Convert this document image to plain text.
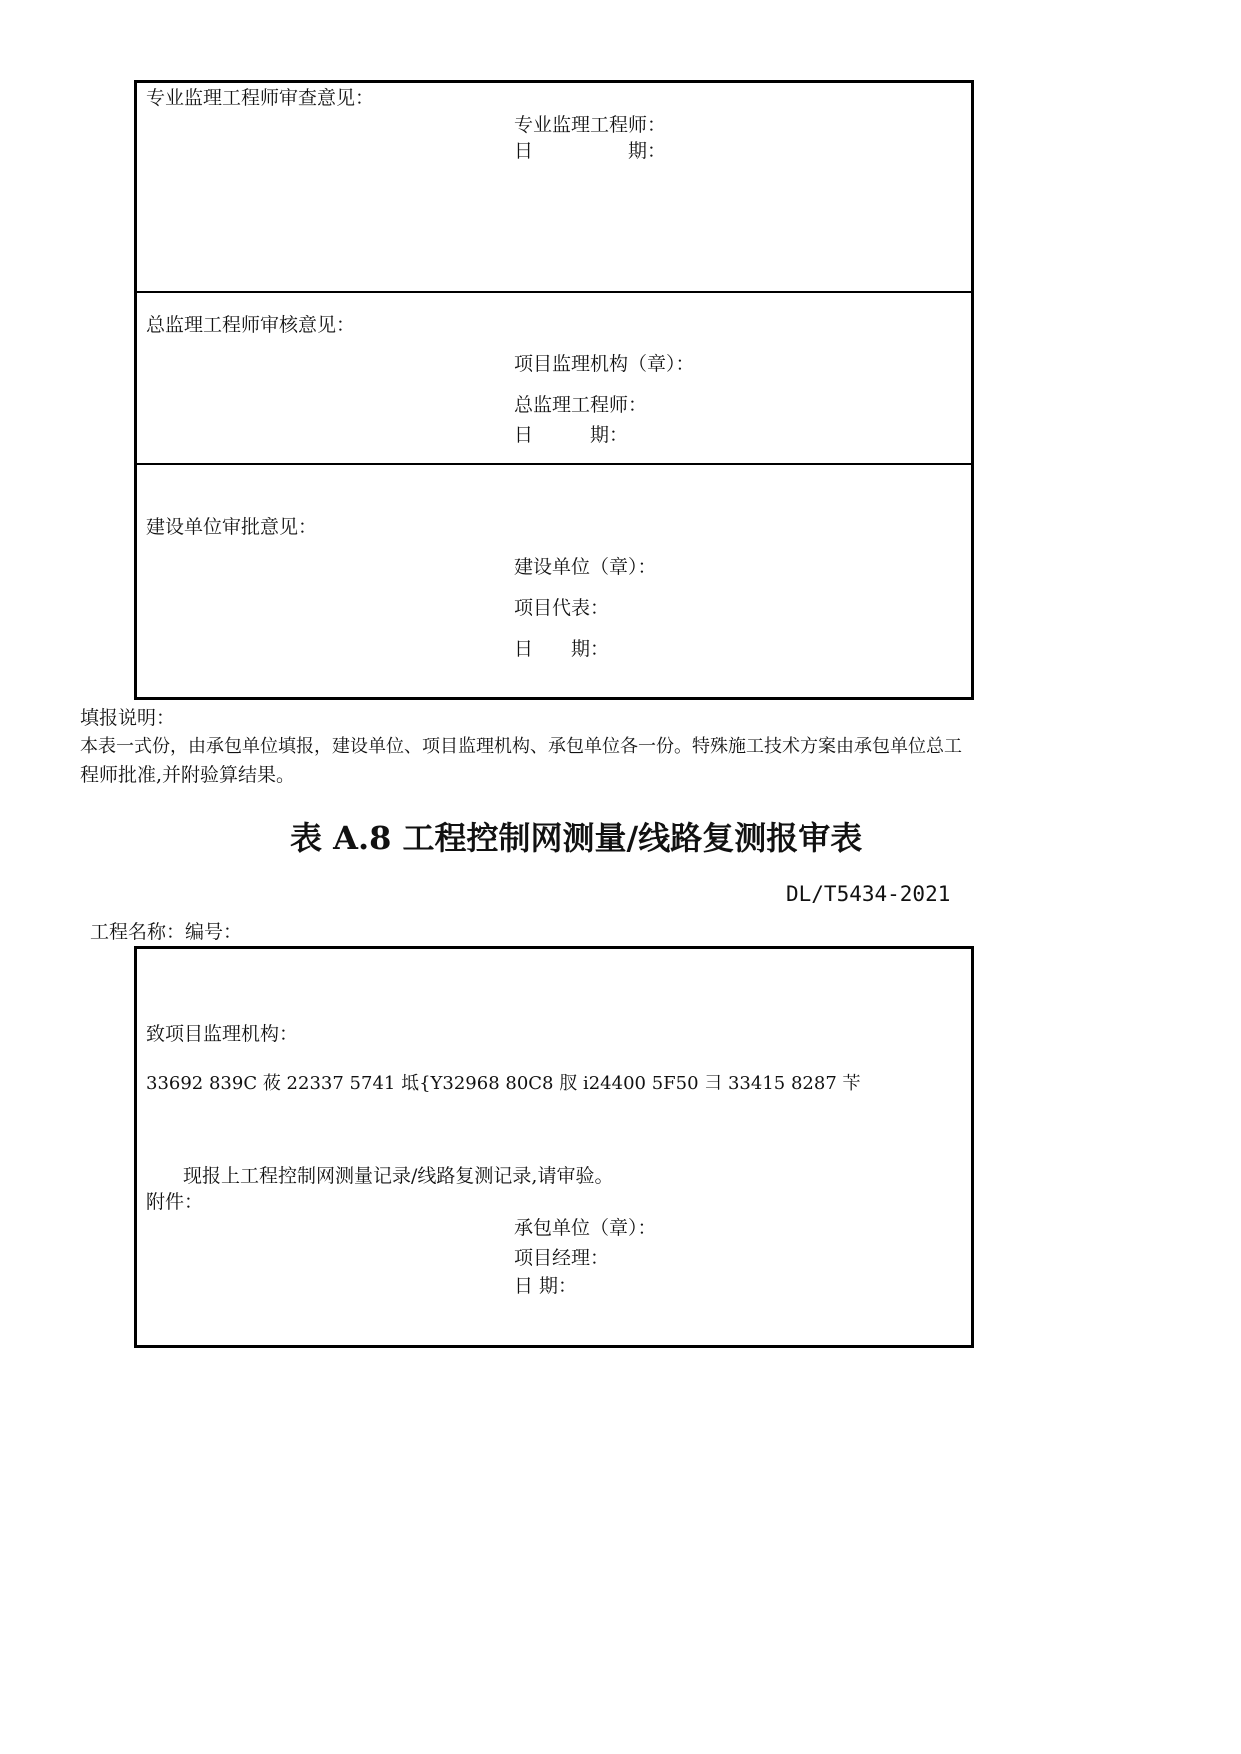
专业监理工程师审查意见：
专业监理工程师：
日　　　　　期：
总监理工程师审核意见：
项目监理机构（章）：
总监理工程师：
日　　　期：
建设单位审批意见：
建设单位（章）：
项目代表：
日　　期：
填报说明：
本表一式份，由承包单位填报，建设单位、项目监理机构、承包单位各一份。特殊施工技术方案由承包单位总工
程师批准,并附验算结果。
表 A.8 工程控制网测量/线路复测报审表
DL/T5434-2021
工程名称：编号：
致项目监理机构：
33692 839C 莜 22337 5741 坻{Y32968 80C8 肞 i24400 5F50 彐 33415 8287 苄
现报上工程控制网测量记录/线路复测记录,请审验。
附件：
承包单位（章）：
项目经理：
日 期：
